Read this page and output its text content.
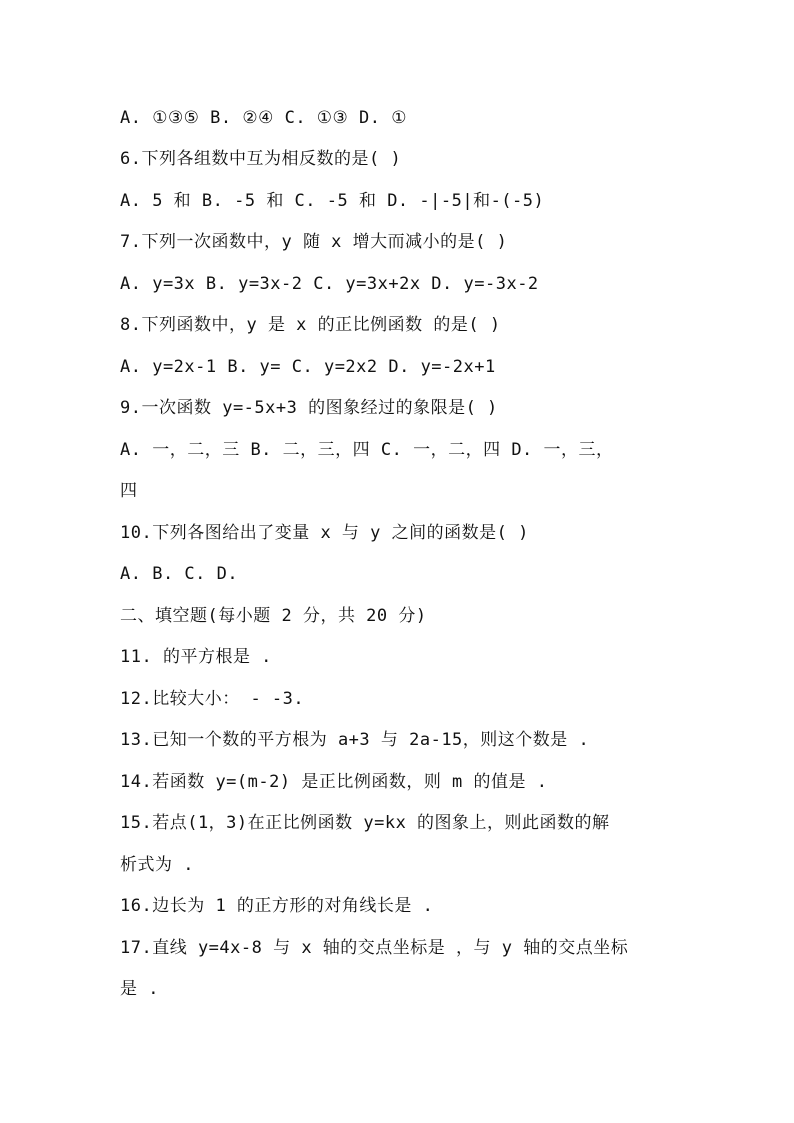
A. ①③⑤ B. ②④ C. ①③ D. ①
6.下列各组数中互为相反数的是( )
A. 5 和 B. -5 和 C. -5 和 D. -|-5|和-(-5)
7.下列一次函数中，y 随 x 增大而减小的是( )
A. y=3x B. y=3x-2 C. y=3x+2x D. y=-3x-2
8.下列函数中，y 是 x 的正比例函数 的是( )
A. y=2x-1 B. y= C. y=2x2 D. y=-2x+1
9.一次函数 y=-5x+3 的图象经过的象限是( )
A. 一，二，三 B. 二，三，四 C. 一，二，四 D. 一，三，
四
10.下列各图给出了变量 x 与 y 之间的函数是( )
A. B. C. D.
二、填空题(每小题 2 分，共 20 分)
11. 的平方根是 .
12.比较大小： - -3.
13.已知一个数的平方根为 a+3 与 2a-15，则这个数是 .
14.若函数 y=(m-2) 是正比例函数，则 m 的值是 .
15.若点(1，3)在正比例函数 y=kx 的图象上，则此函数的解
析式为 .
16.边长为 1 的正方形的对角线长是 .
17.直线 y=4x-8 与 x 轴的交点坐标是 ，与 y 轴的交点坐标
是 .
